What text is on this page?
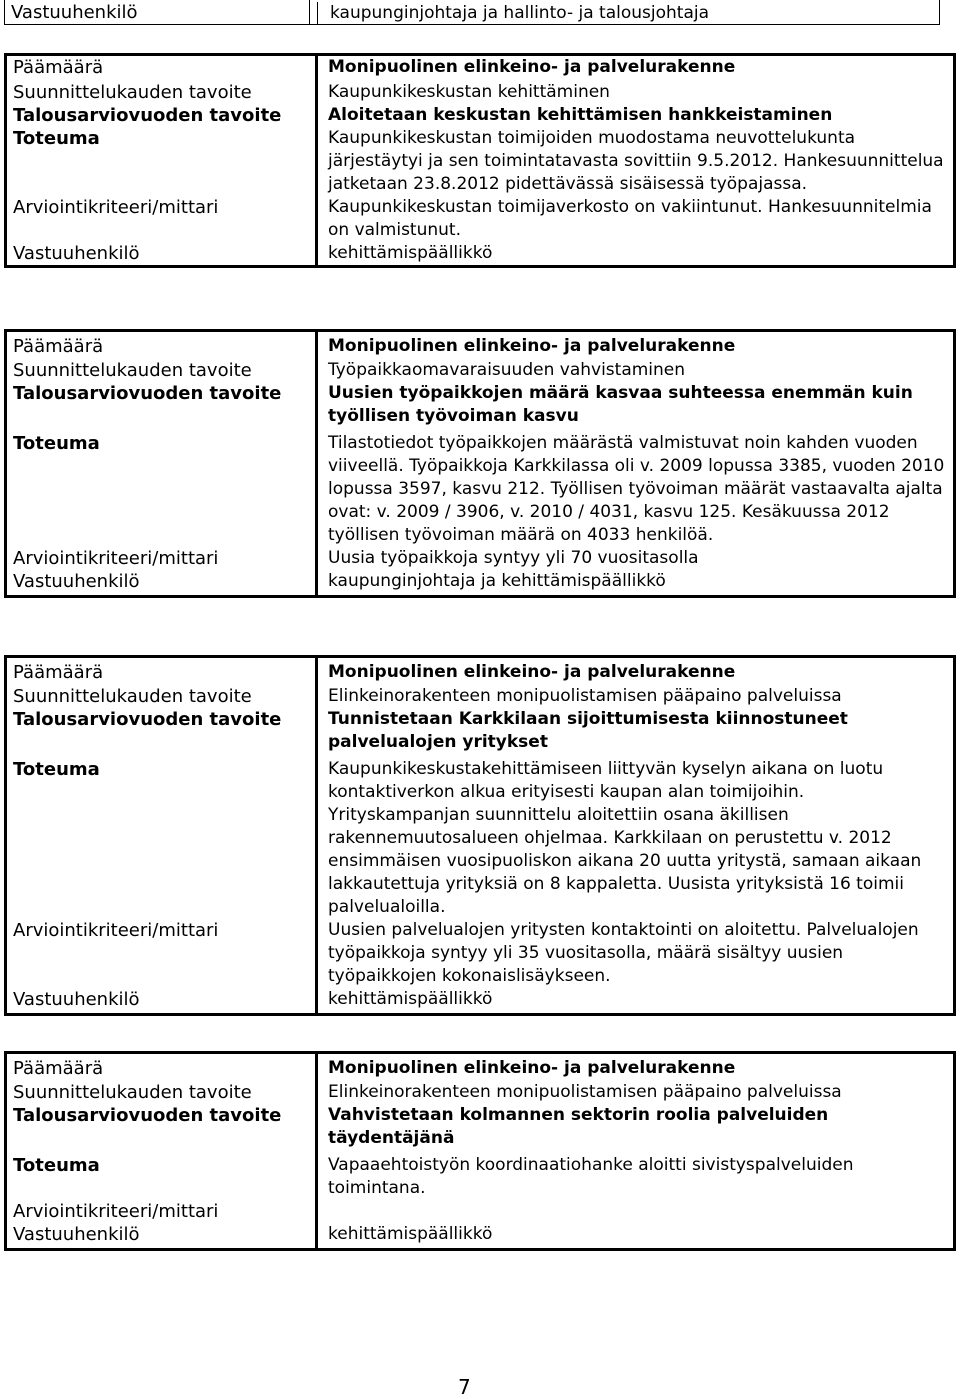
Vastuuhenkilö	kaupunginjohtaja ja hallinto- ja talousjohtaja
Päämäärä	Monipuolinen elinkeino- ja palvelurakenne
Suunnittelukauden tavoite	Kaupunkikeskustan kehittäminen
Talousarviovuoden tavoite	Aloitetaan keskustan kehittämisen hankkeistaminen
Toteuma	Kaupunkikeskustan toimijoiden muodostama neuvottelukunta järjestäytyi ja sen toimintatavasta sovittiin 9.5.2012. Hankesuunnittelua jatketaan 23.8.2012 pidettävässä sisäisessä työpajassa.
Arviointikriteeri/mittari	Kaupunkikeskustan toimijaverkosto on vakiintunut. Hankesuunnitelmia on valmistunut.
Vastuuhenkilö	kehittämispäällikkö
Päämäärä	Monipuolinen elinkeino- ja palvelurakenne
Suunnittelukauden tavoite	Työpaikkaomavaraisuuden vahvistaminen
Talousarviovuoden tavoite	Uusien työpaikkojen määrä kasvaa suhteessa enemmän kuin työllisen työvoiman kasvu
Toteuma	Tilastotiedot työpaikkojen määrästä valmistuvat noin kahden vuoden viiveellä. Työpaikkoja Karkkilassa oli v. 2009 lopussa 3385, vuoden 2010 lopussa 3597, kasvu 212. Työllisen työvoiman määrät vastaavalta ajalta ovat: v. 2009 / 3906, v. 2010 / 4031, kasvu 125. Kesäkuussa 2012 työllisen työvoiman määrä on 4033 henkilöä.
Arviointikriteeri/mittari	Uusia työpaikkoja syntyy yli 70 vuositasolla
Vastuuhenkilö	kaupunginjohtaja ja kehittämispäällikkö
Päämäärä	Monipuolinen elinkeino- ja palvelurakenne
Suunnittelukauden tavoite	Elinkeinorakenteen monipuolistamisen pääpaino palveluissa
Talousarviovuoden tavoite	Tunnistetaan Karkkilaan sijoittumisesta kiinnostuneet palvelualojen yritykset
Toteuma	Kaupunkikeskustakehittämiseen liittyvän kyselyn aikana on luotu kontaktiverkon alkua erityisesti kaupan alan toimijoihin. Yrityskampanjan suunnittelu aloitettiin osana äkillisen rakennemuutosalueen ohjelmaa. Karkkilaan on perustettu v. 2012 ensimmäisen vuosipuoliskon aikana 20 uutta yritystä, samaan aikaan lakkautettuja yrityksiä on 8 kappaletta. Uusista yrityksistä 16 toimii palvelualoilla.
Arviointikriteeri/mittari	Uusien palvelualojen yritysten kontaktointi on aloitettu. Palvelualojen työpaikkoja syntyy yli 35 vuositasolla, määrä sisältyy uusien työpaikkojen kokonaislisäykseen.
Vastuuhenkilö	kehittämispäällikkö
Päämäärä	Monipuolinen elinkeino- ja palvelurakenne
Suunnittelukauden tavoite	Elinkeinorakenteen monipuolistamisen pääpaino palveluissa
Talousarviovuoden tavoite	Vahvistetaan kolmannen sektorin roolia palveluiden täydentäjänä
Toteuma	Vapaaehtoistyön koordinaatiohanke aloitti sivistyspalveluiden toimintana.
Arviointikriteeri/mittari	
Vastuuhenkilö	kehittämispäällikkö
7
